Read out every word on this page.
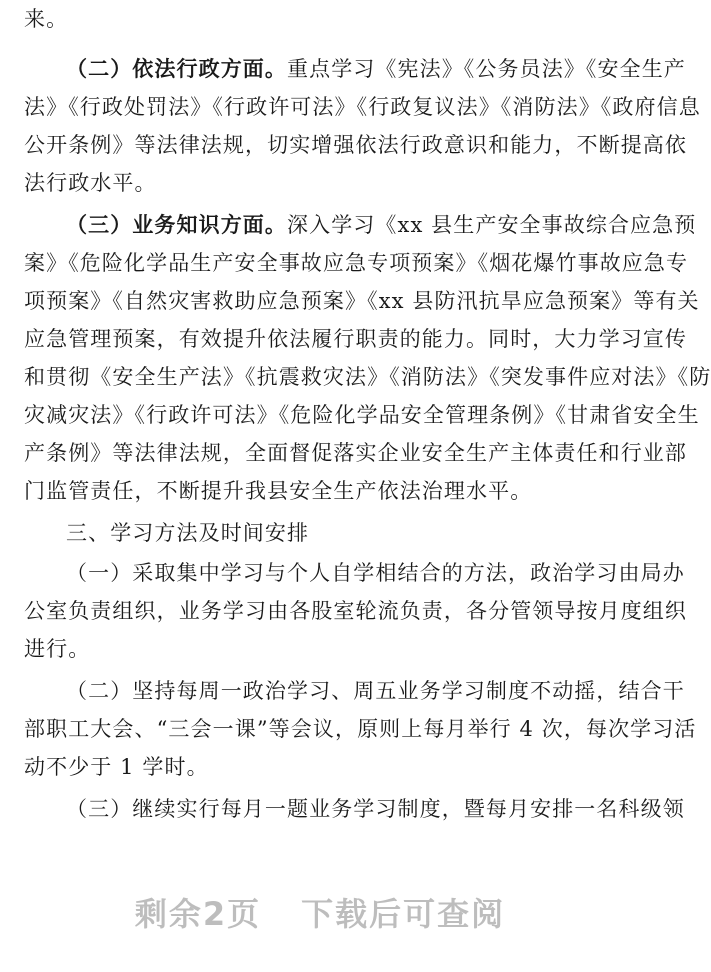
来。
（二）依法行政方面。重点学习《宪法》《公务员法》《安全生产
法》《行政处罚法》《行政许可法》《行政复议法》《消防法》《政府信息
公开条例》等法律法规，切实增强依法行政意识和能力，不断提高依
法行政水平。
（三）业务知识方面。深入学习《xx 县生产安全事故综合应急预
案》《危险化学品生产安全事故应急专项预案》《烟花爆竹事故应急专
项预案》《自然灾害救助应急预案》《xx 县防汛抗旱应急预案》等有关
应急管理预案，有效提升依法履行职责的能力。同时，大力学习宣传
和贯彻《安全生产法》《抗震救灾法》《消防法》《突发事件应对法》《防
灾减灾法》《行政许可法》《危险化学品安全管理条例》《甘肃省安全生
产条例》等法律法规，全面督促落实企业安全生产主体责任和行业部
门监管责任，不断提升我县安全生产依法治理水平。
三、学习方法及时间安排
（一）采取集中学习与个人自学相结合的方法，政治学习由局办
公室负责组织，业务学习由各股室轮流负责，各分管领导按月度组织
进行。
（二）坚持每周一政治学习、周五业务学习制度不动摇，结合干
部职工大会、“三会一课”等会议，原则上每月举行 4 次，每次学习活
动不少于 1 学时。
（三）继续实行每月一题业务学习制度，暨每月安排一名科级领
剩余2页 下载后可查阅
